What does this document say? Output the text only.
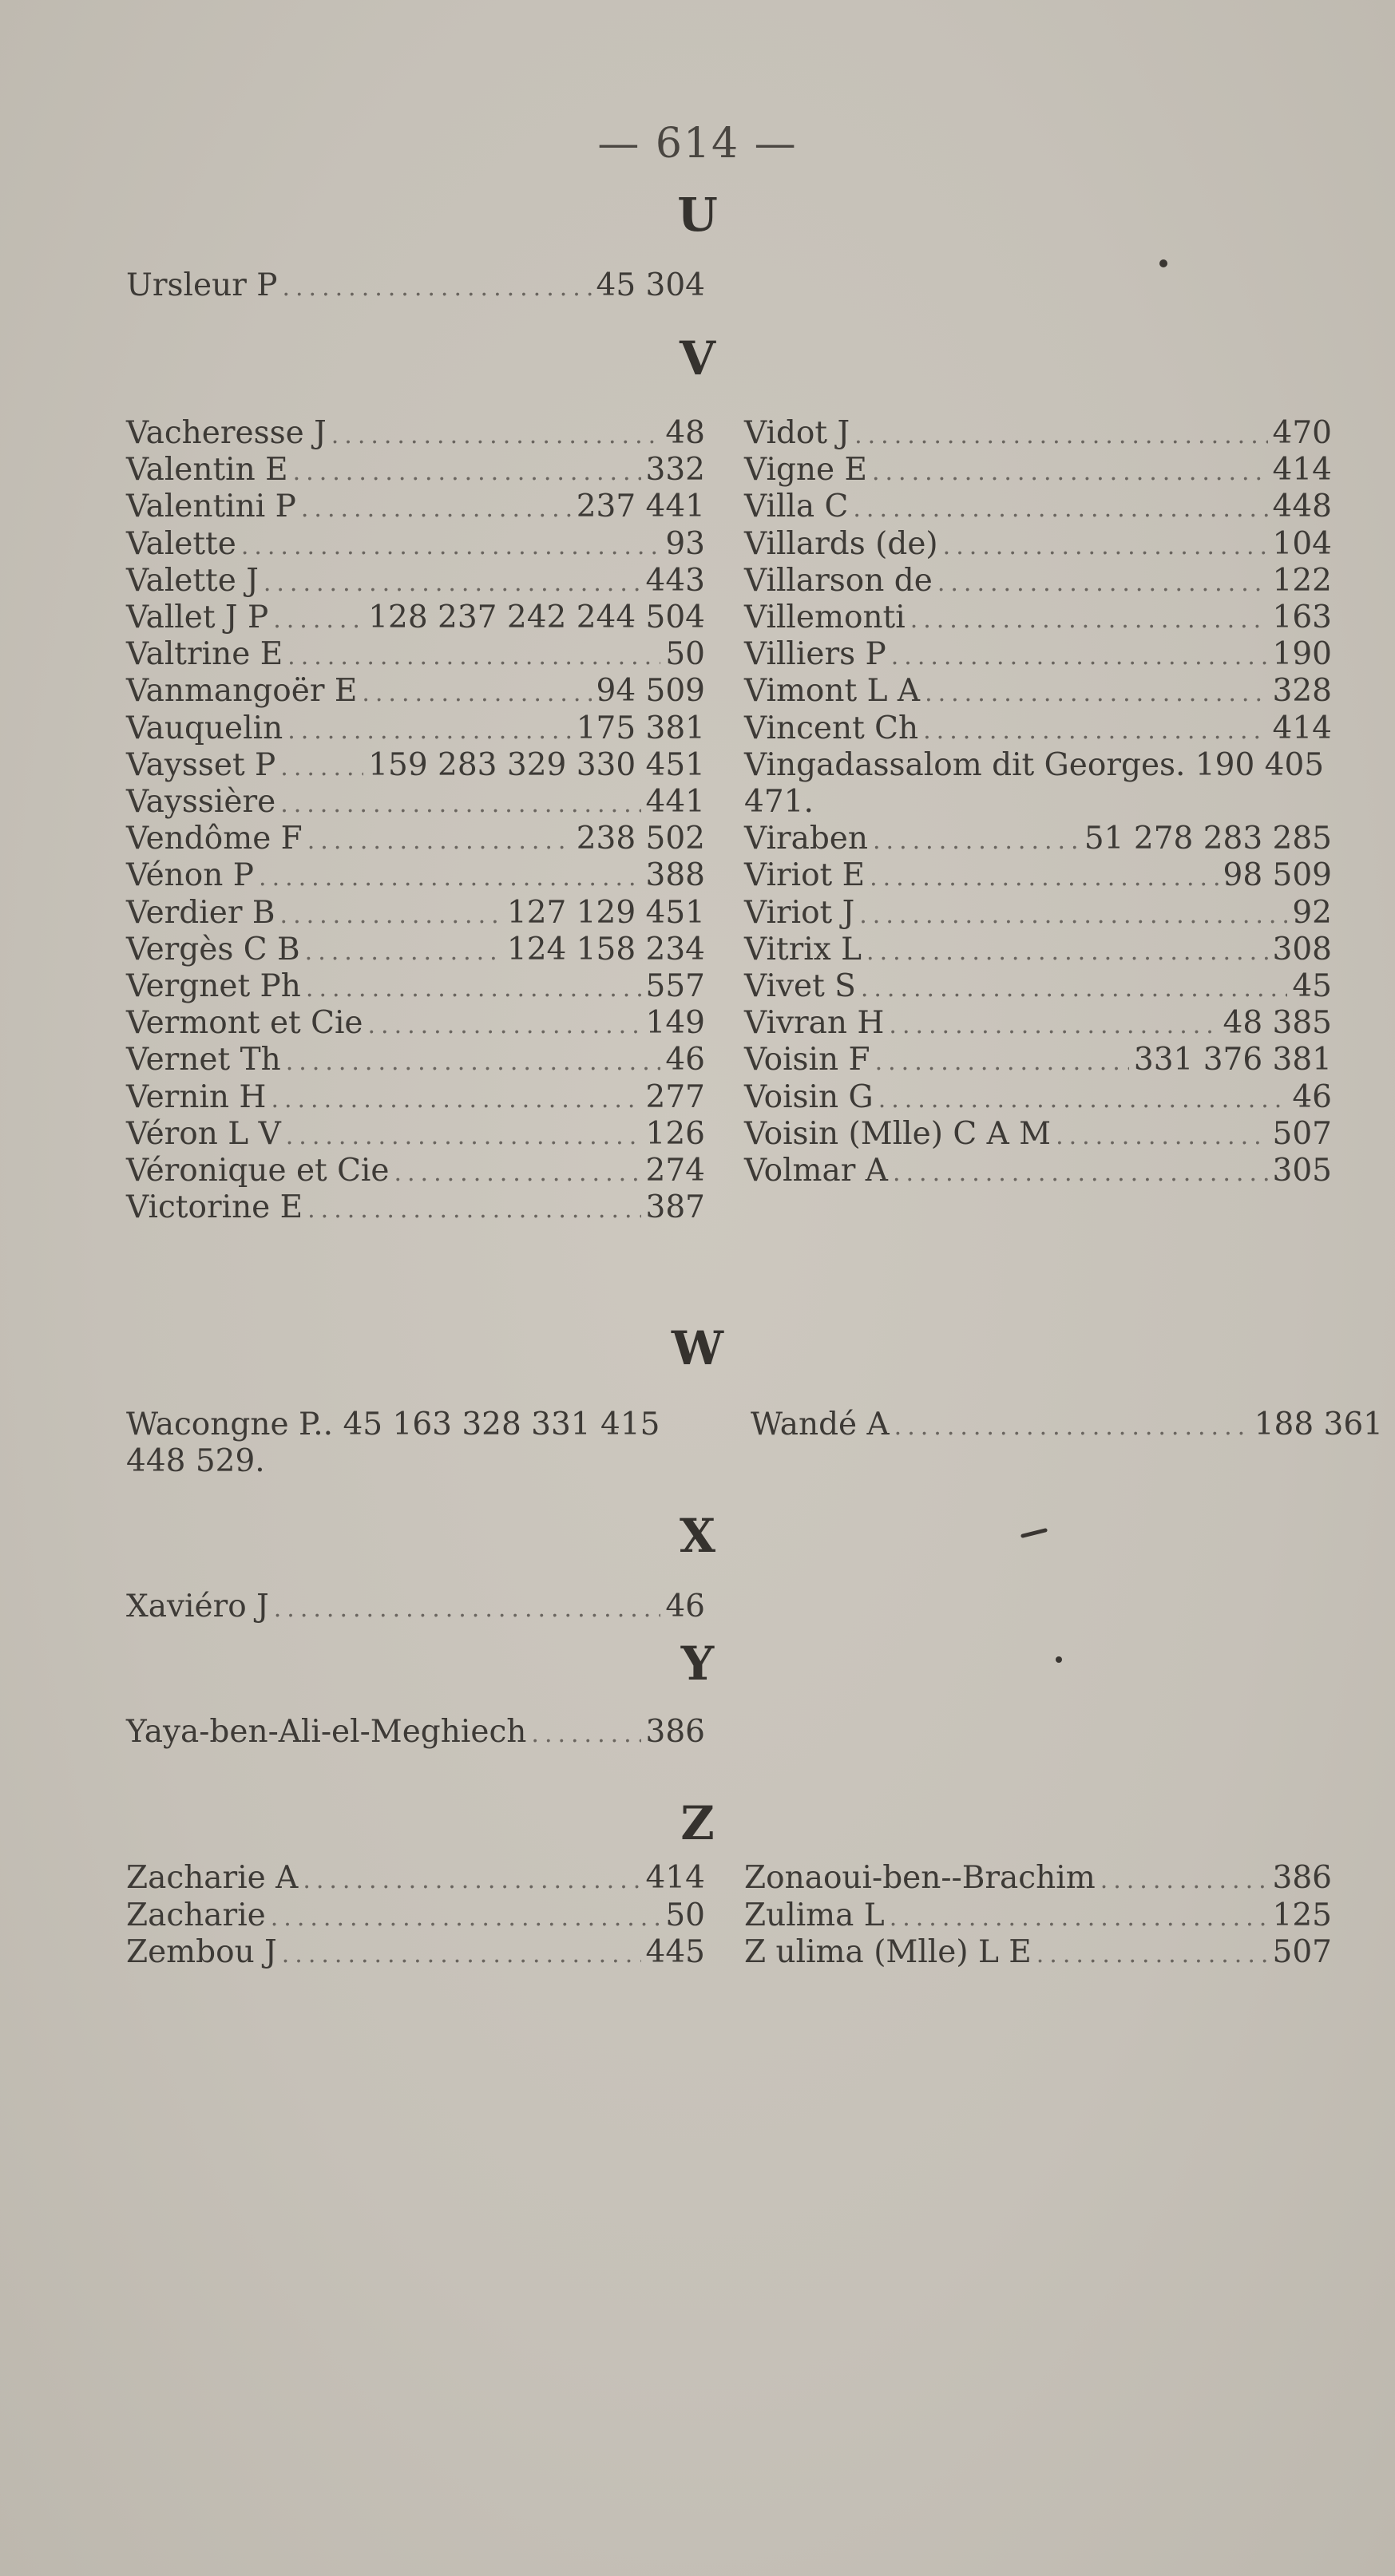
— 614 —
U
Ursleur P .....	45 304
V
Vacheresse J .....	48
Valentin E .....	332
Valentini P .....	237 441
Valette .....	93
Valette J .....	443
Vallet J P .....	128 237 242 244 504
Valtrine E .....	50
Vanmangoër E .....	94 509
Vauquelin .....	175 381
Vaysset P .....	159 283 329 330 451
Vayssière .....	441
Vendôme F .....	238 502
Vénon P .....	388
Verdier B .....	127 129 451
Vergès C B .....	124 158 234
Vergnet Ph .....	557
Vermont et Cie .....	149
Vernet Th .....	46
Vernin H .....	277
Véron L V .....	126
Véronique et Cie .....	274
Victorine E .....	387
Vidot J .....	470
Vigne E .....	414
Villa C .....	448
Villards (de) .....	104
Villarson de .....	122
Villemonti .....	163
Villiers P .....	190
Vimont L A .....	328
Vincent Ch .....	414
Vingadassalom dit Georges. 190 405
471.
Viraben .....	51 278 283 285
Viriot E .....	98 509
Viriot J .....	92
Vitrix L .....	308
Vivet S .....	45
Vivran H .....	48 385
Voisin F .....	331 376 381
Voisin G .....	46
Voisin (Mlle) C A M .....	507
Volmar A .....	305
W
Wacongne P.. 45 163 328 331 415
448 529.
Wandé A .....	188 361
X
Xaviéro J .....	46
Y
Yaya-ben-Ali-el-Meghiech .....	386
Z
Zacharie A .....	414
Zacharie .....	50
Zembou J .....	445
Zonaoui-ben--Brachim .....	386
Zulima L .....	125
Z ulima (Mlle) L E .....	507
